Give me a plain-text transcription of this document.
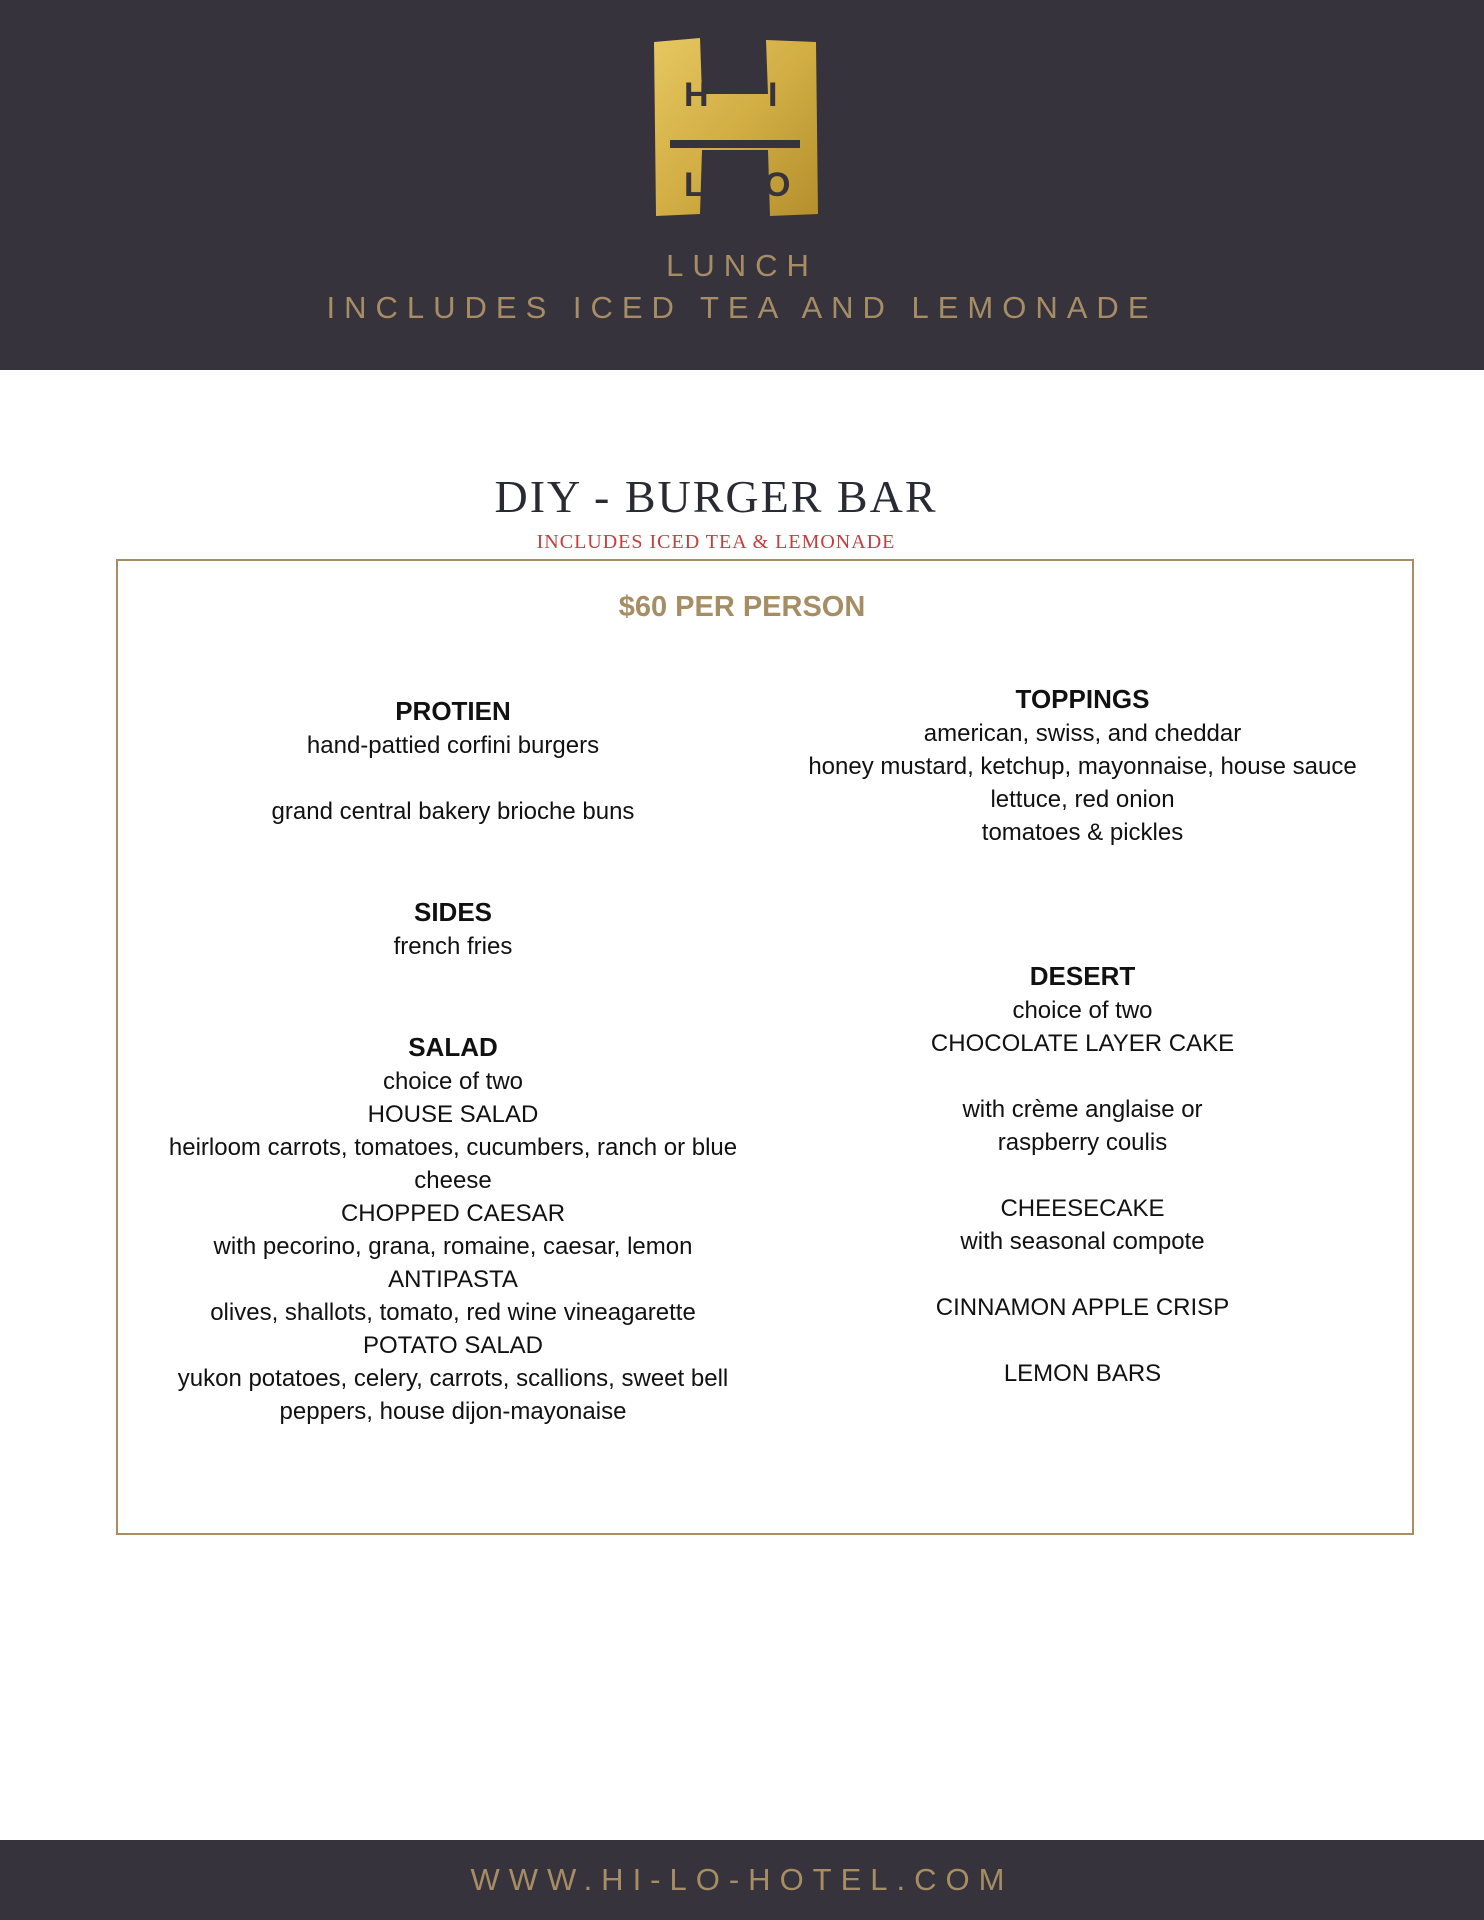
H I
L O
LUNCH
INCLUDES ICED TEA AND LEMONADE
DIY - BURGER BAR
INCLUDES ICED TEA & LEMONADE
$60 PER PERSON
PROTIEN
hand-pattied corfini burgers
grand central bakery brioche buns
SIDES
french fries
SALAD
choice of two
HOUSE SALAD
heirloom carrots, tomatoes, cucumbers, ranch or blue
cheese
CHOPPED CAESAR
with pecorino, grana, romaine, caesar, lemon
ANTIPASTA
olives, shallots, tomato, red wine vineagarette
POTATO SALAD
yukon potatoes, celery, carrots, scallions, sweet bell
peppers, house dijon-mayonaise
TOPPINGS
american, swiss, and cheddar
honey mustard, ketchup, mayonnaise, house sauce
lettuce, red onion
tomatoes & pickles
DESERT
choice of two
CHOCOLATE LAYER CAKE
with crème anglaise or
raspberry coulis
CHEESECAKE
with seasonal compote
CINNAMON APPLE CRISP
LEMON BARS
WWW.HI-LO-HOTEL.COM
